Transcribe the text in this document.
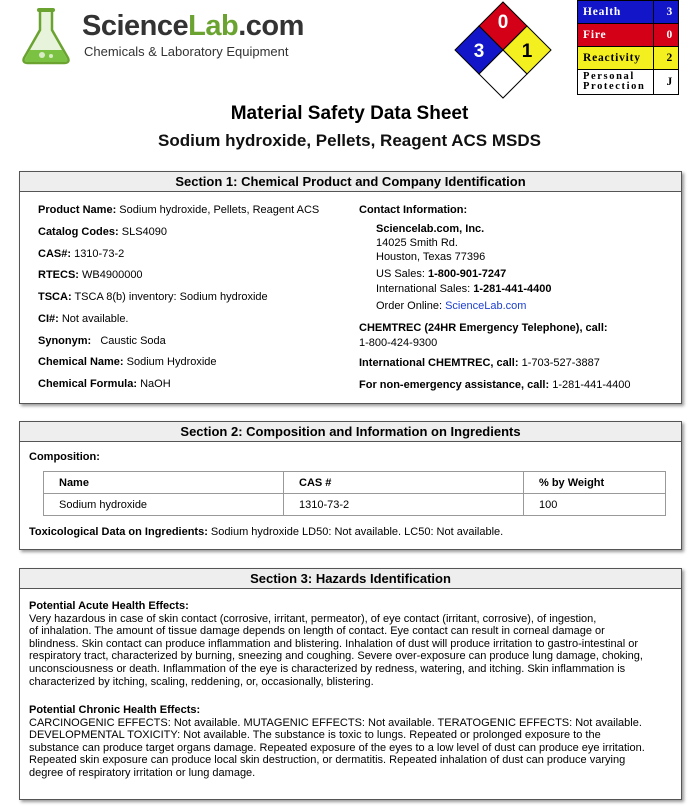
ScienceLab.com
Chemicals & Laboratory Equipment
0
3 1
Health	3
Fire	0
Reactivity	2

Personal
Protection	J
Material Safety Data Sheet
Sodium hydroxide, Pellets, Reagent ACS MSDS
Section 1: Chemical Product and Company Identification
Product Name: Sodium hydroxide, Pellets, Reagent ACS
Catalog Codes: SLS4090
CAS#: 1310-73-2
RTECS: WB4900000
TSCA: TSCA 8(b) inventory: Sodium hydroxide
CI#: Not available.
Synonym:   Caustic Soda
Chemical Name: Sodium Hydroxide
Chemical Formula: NaOH
Contact Information:
Sciencelab.com, Inc.
14025 Smith Rd.
Houston, Texas 77396
US Sales: 1-800-901-7247
International Sales: 1-281-441-4400
Order Online: ScienceLab.com
CHEMTREC (24HR Emergency Telephone), call:
1-800-424-9300
International CHEMTREC, call: 1-703-527-3887
For non-emergency assistance, call: 1-281-441-4400
Section 2: Composition and Information on Ingredients
Composition:
Name	CAS #	% by Weight
Sodium hydroxide	1310-73-2	100
Toxicological Data on Ingredients: Sodium hydroxide LD50: Not available. LC50: Not available.
Section 3: Hazards Identification
Potential Acute Health Effects:
Very hazardous in case of skin contact (corrosive, irritant, permeator), of eye contact (irritant, corrosive), of ingestion,
of inhalation. The amount of tissue damage depends on length of contact. Eye contact can result in corneal damage or
blindness. Skin contact can produce inflammation and blistering. Inhalation of dust will produce irritation to gastro-intestinal or
respiratory tract, characterized by burning, sneezing and coughing. Severe over-exposure can produce lung damage, choking,
unconsciousness or death. Inflammation of the eye is characterized by redness, watering, and itching. Skin inflammation is
characterized by itching, scaling, reddening, or, occasionally, blistering.
Potential Chronic Health Effects:
CARCINOGENIC EFFECTS: Not available. MUTAGENIC EFFECTS: Not available. TERATOGENIC EFFECTS: Not available.
DEVELOPMENTAL TOXICITY: Not available. The substance is toxic to lungs. Repeated or prolonged exposure to the
substance can produce target organs damage. Repeated exposure of the eyes to a low level of dust can produce eye irritation.
Repeated skin exposure can produce local skin destruction, or dermatitis. Repeated inhalation of dust can produce varying
degree of respiratory irritation or lung damage.
